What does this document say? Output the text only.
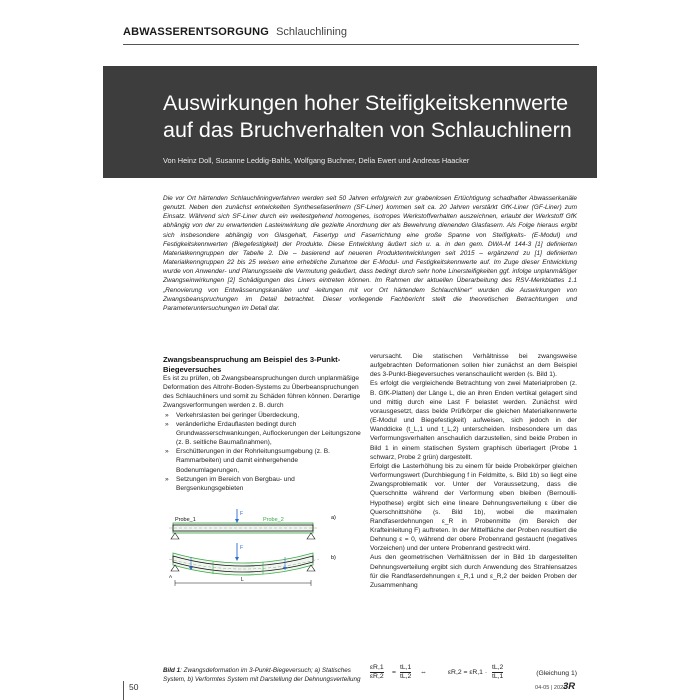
ABWASSERENTSORGUNG Schlauchlining
Auswirkungen hoher Steifigkeitskennwerte
auf das Bruchverhalten von Schlauchlinern
Von Heinz Doll, Susanne Leddig-Bahls, Wolfgang Buchner, Delia Ewert und Andreas Haacker
Die vor Ort härtenden Schlauchliningverfahren werden seit 50 Jahren erfolgreich zur grabenlosen Ertüchtigung schadhafter Abwasserkanäle genutzt. Neben den zunächst entwickelten Synthesefaserlinern (SF-Liner) kommen seit ca. 20 Jahren verstärkt GfK-Liner (GF-Liner) zum Einsatz. Während sich SF-Liner durch ein weitestgehend homogenes, isotropes Werkstoffverhalten auszeichnen, erlaubt der Werkstoff GfK abhängig von der zu erwartenden Lasteinwirkung die gezielte Anordnung der als Bewehrung dienenden Glasfasern. Als Folge hieraus ergibt sich insbesondere abhängig von Glasgehalt, Fasertyp und Faserrichtung eine große Spanne von Steifigkeits- (E-Modul) und Festigkeitskennwerten (Biegefestigkeit) der Produkte. Diese Entwicklung äußert sich u. a. in den gem. DWA-M 144-3 [1] definierten Materialkenngruppen der Tabelle 2. Die – basierend auf neueren Produktentwicklungen seit 2015 – ergänzend zu [1] definierten Materialkenngruppen 22 bis 25 weisen eine erhebliche Zunahme der E-Modul- und Festigkeitskennwerte auf. Im Zuge dieser Entwicklung wurde von Anwender- und Planungsseite die Vermutung geäußert, dass bedingt durch sehr hohe Linersteifigkeiten ggf. infolge unplanmäßiger Zwangseinwirkungen [2] Schädigungen des Liners eintreten können. Im Rahmen der aktuellen Überarbeitung des RSV-Merkblattes 1.1 „Renovierung von Entwässerungskanälen und -leitungen mit vor Ort härtendem Schlauchliner“ wurden die Auswirkungen von Zwangsbeanspruchungen im Detail betrachtet. Dieser vorliegende Fachbericht stellt die theoretischen Betrachtungen und Parameteruntersuchungen im Detail dar.
Zwangsbeanspruchung am Beispiel des 3-Punkt-Biegeversuches

Es ist zu prüfen, ob Zwangsbeanspruchungen durch unplanmäßige Deformation des Altrohr-Boden-Systems zu Überbeanspruchungen des Schlauchliners und somit zu Schäden führen können. Derartige Zwangsverformungen werden z. B. durch

» Verkehrslasten bei geringer Überdeckung,
» veränderliche Erdauflasten bedingt durch Grundwasserschwankungen, Auflockerungen der Leitungszone (z. B. seitliche Baumaßnahmen),
» Erschütterungen in der Rohrleitungsumgebung (z. B. Rammarbeiten) und damit einhergehende Bodenumlagerungen,
» Setzungen im Bereich von Bergbau- und Bergsenkungsgebieten
Probe_1	Probe_2	a)
F
b)
F
L
A
Bild 1: Zwangsdeformation im 3-Punkt-Biegeversuch; a) Statisches System, b) Verformtes System mit Darstellung der Dehnungsverteilung

verursacht. Die statischen Verhältnisse bei zwangsweise aufgebrachten Deformationen sollen hier zunächst an dem Beispiel des 3-Punkt-Biegeversuches veranschaulicht werden (s. Bild 1).

Es erfolgt die vergleichende Betrachtung von zwei Materialproben (z. B. GfK-Platten) der Länge L, die an ihren Enden vertikal gelagert sind und mittig durch eine Last F belastet werden. Zunächst wird vorausgesetzt, dass beide Prüfkörper die gleichen Materialkennwerte (E-Modul und Biegefestigkeit) aufweisen, sich jedoch in der Wanddicke (t_L,1 und t_L,2) unterscheiden. Insbesondere um das Verformungsverhalten anschaulich darzustellen, sind beide Proben in Bild 1 in einem statischen System graphisch überlagert (Probe 1 schwarz, Probe 2 grün) dargestellt.

Erfolgt die Lasterhöhung bis zu einem für beide Probekörper gleichen Verformungswert (Durchbiegung f in Feldmitte, s. Bild 1b) so liegt eine Zwangsproblematik vor. Unter der Voraussetzung, dass die Querschnitte während der Verformung eben bleiben (Bernoulli-Hypothese) ergibt sich eine lineare Dehnungsverteilung ε über die Querschnittshöhe (s. Bild 1b), wobei die maximalen Randfaserdehnungen ε_R in Probenmitte (im Bereich der Krafteinleitung F) auftreten. In der Mittelfläche der Proben resultiert die Dehnung ε = 0, während der obere Probenrand gestaucht (negatives Vorzeichen) und der untere Probenrand gestreckt wird.

Aus den geometrischen Verhältnissen der in Bild 1b dargestellten Dehnungsverteilung ergibt sich durch Anwendung des Strahlensatzes für die Randfaserdehnungen ε_R,1 und ε_R,2 der beiden Proben der Zusammenhang

$\frac{\varepsilon R,1}{\varepsilon R,2} = \frac{tL,1}{tL,2}$ ⇔	$\varepsilon R,2 = \varepsilon R,1 \cdot \frac{tL,2}{tL,1}$	(Gleichung 1)
50	04-05 | 2021
3R
